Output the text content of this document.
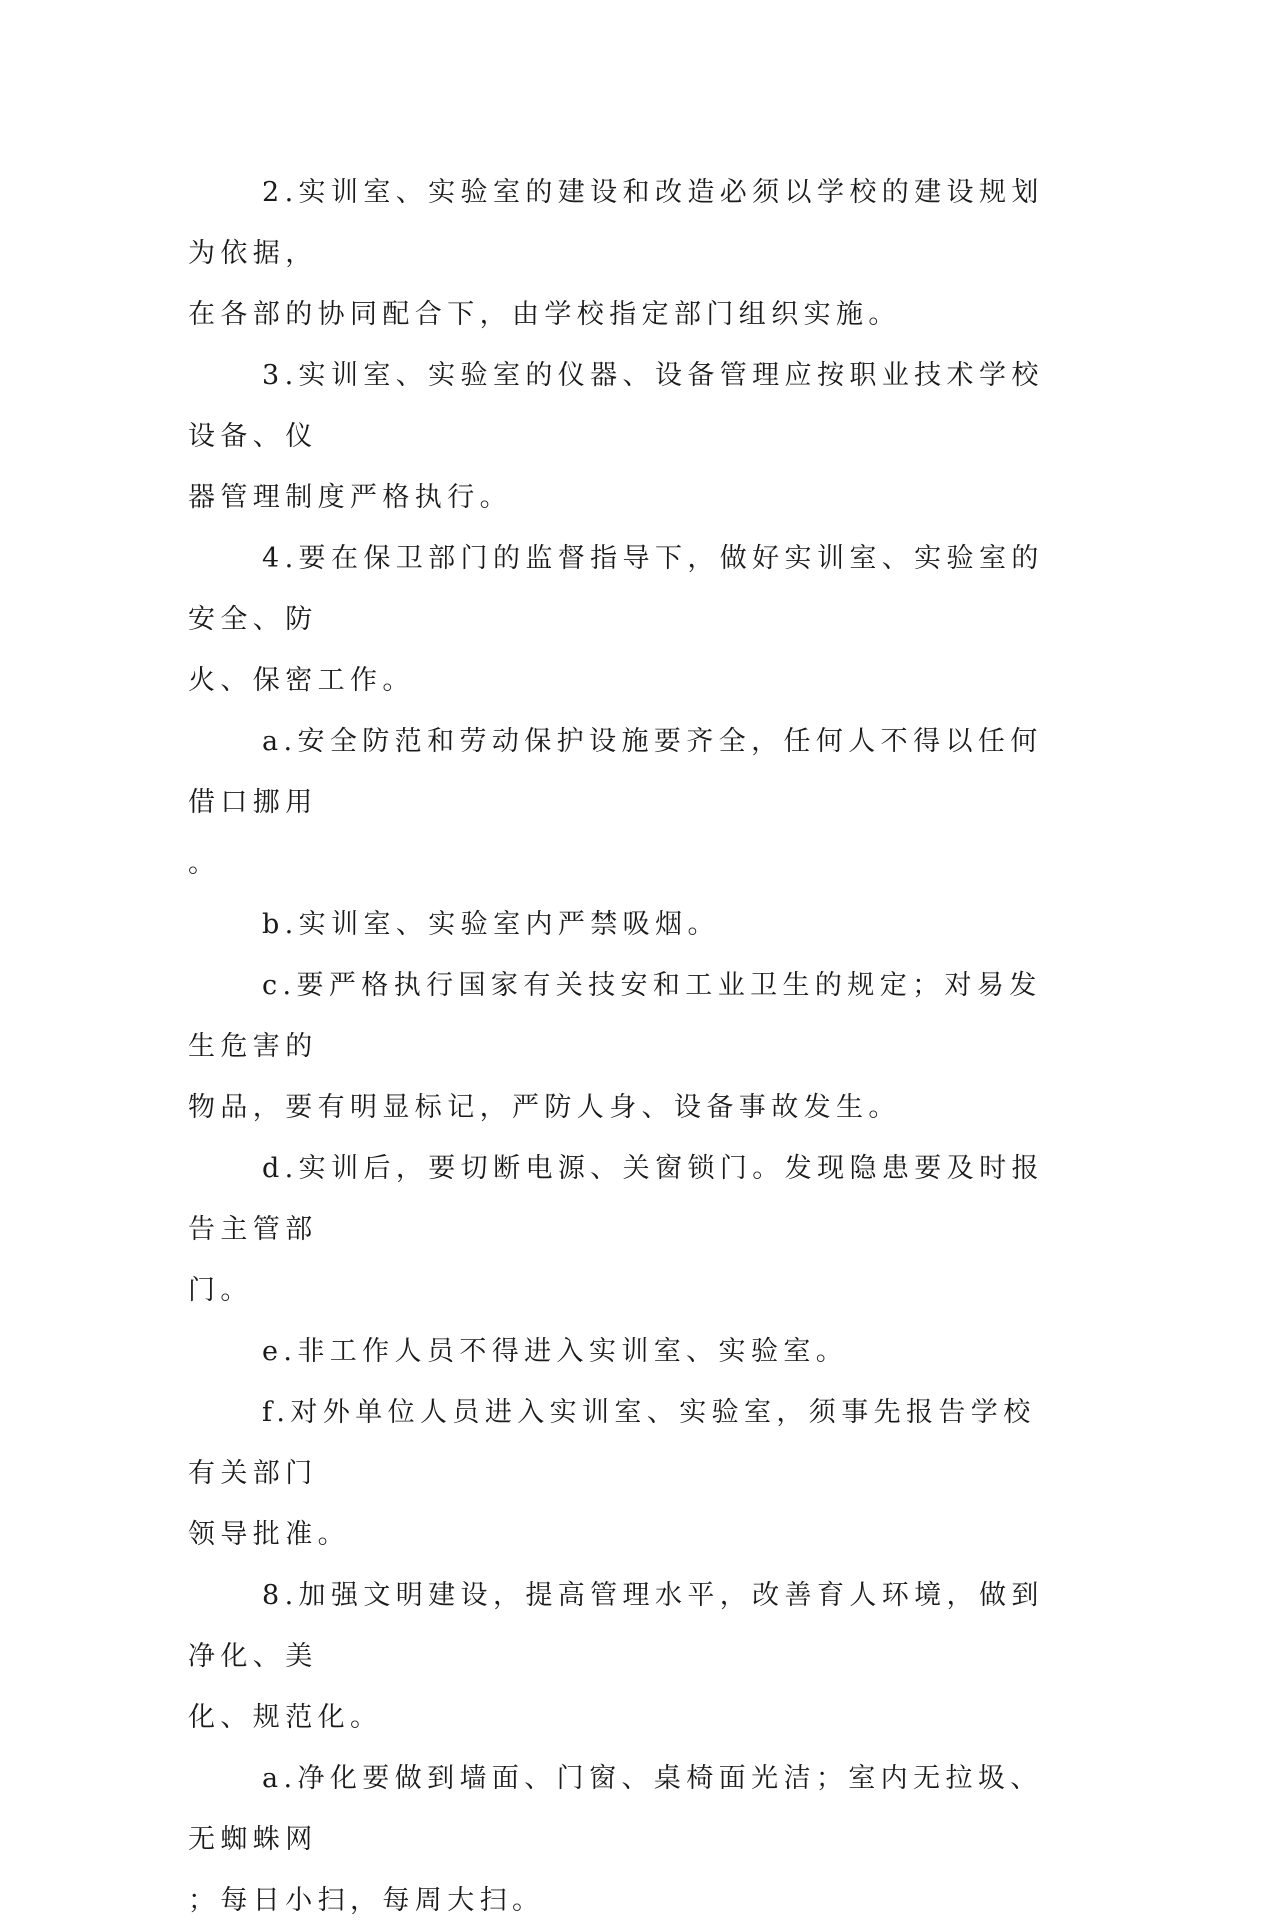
2.实训室、实验室的建设和改造必须以学校的建设规划为依据，
在各部的协同配合下，由学校指定部门组织实施。

3.实训室、实验室的仪器、设备管理应按职业技术学校设备、仪
器管理制度严格执行。

4.要在保卫部门的监督指导下，做好实训室、实验室的安全、防
火、保密工作。

a.安全防范和劳动保护设施要齐全，任何人不得以任何借口挪用
。

b.实训室、实验室内严禁吸烟。

c.要严格执行国家有关技安和工业卫生的规定；对易发生危害的
物品，要有明显标记，严防人身、设备事故发生。

d.实训后，要切断电源、关窗锁门。发现隐患要及时报告主管部
门。

e.非工作人员不得进入实训室、实验室。

f.对外单位人员进入实训室、实验室，须事先报告学校有关部门
领导批准。

8.加强文明建设，提高管理水平，改善育人环境，做到净化、美
化、规范化。

a.净化要做到墙面、门窗、桌椅面光洁；室内无拉圾、无蜘蛛网
；每日小扫，每周大扫。
